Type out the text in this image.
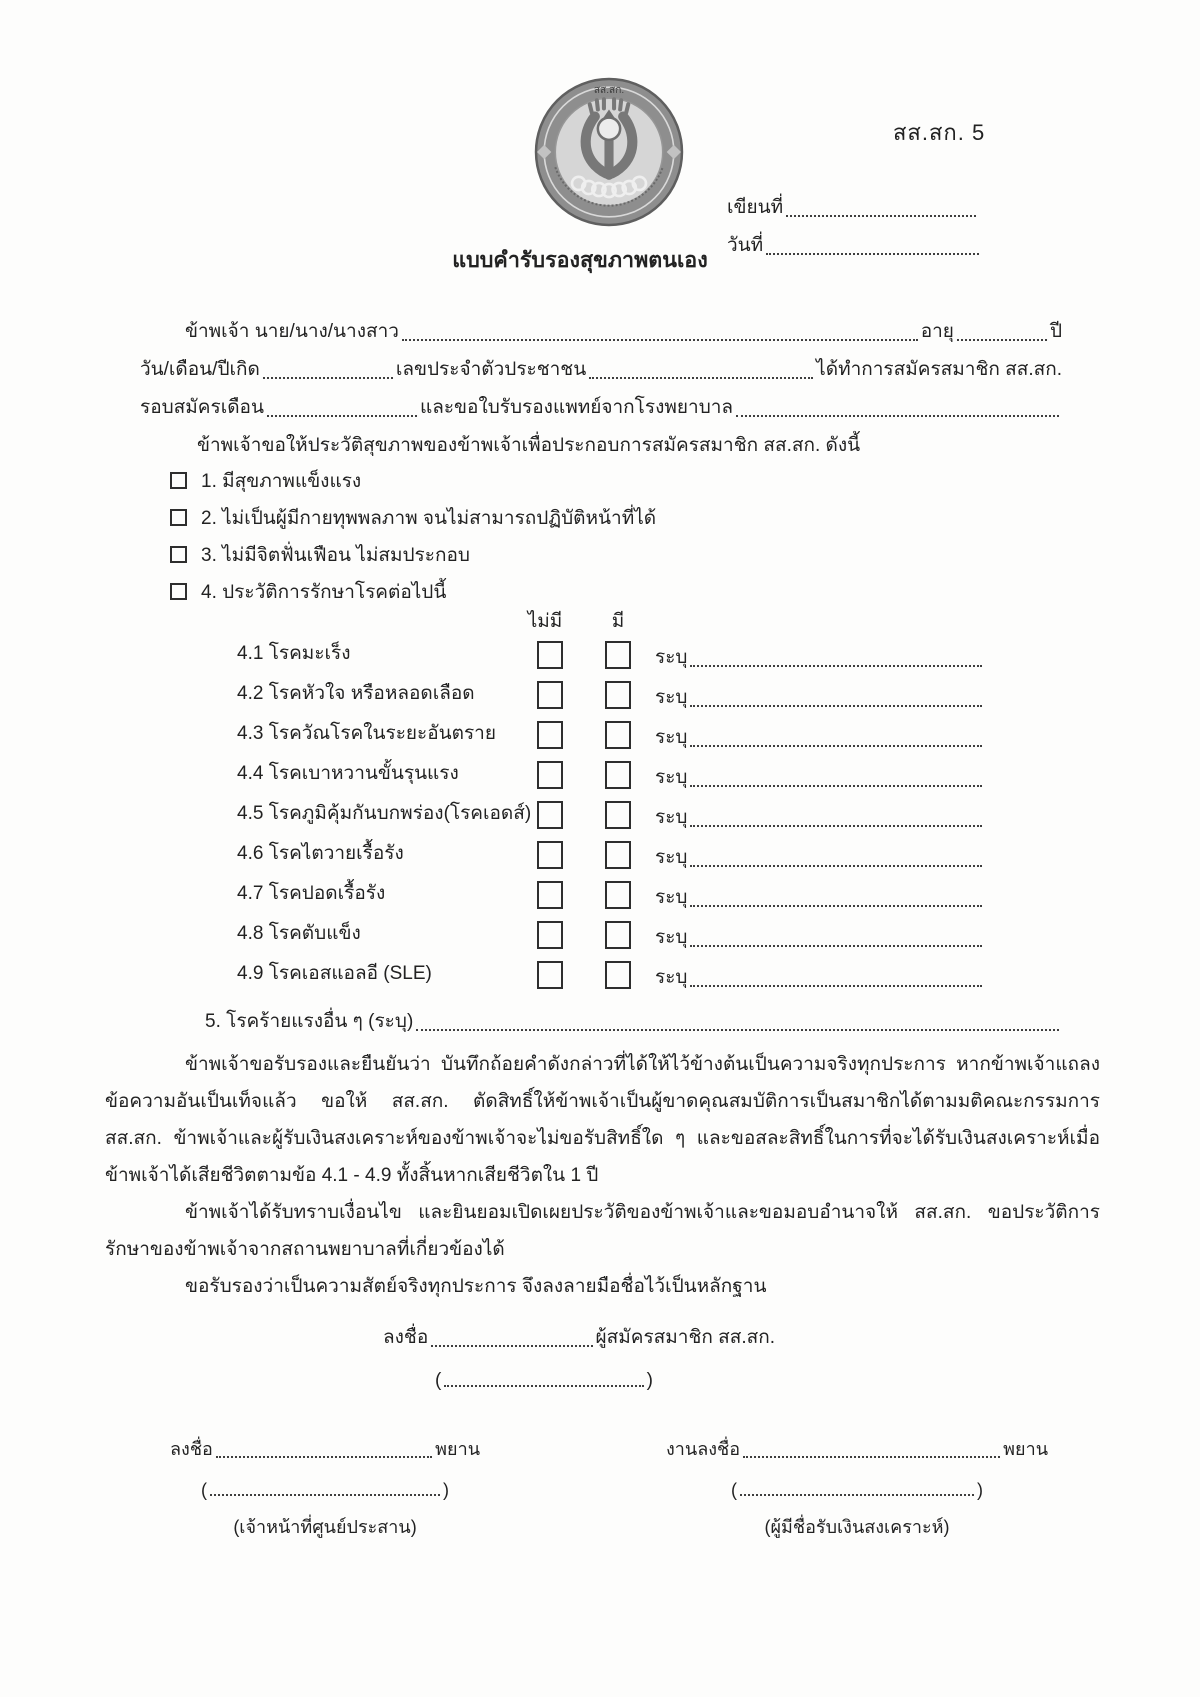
สส.สก.
สส.สก. 5
เขียนที่
วันที่
แบบคำรับรองสุขภาพตนเอง
ข้าพเจ้า นาย/นาง/นางสาว	อายุ	ปี
วัน/เดือน/ปีเกิด	เลขประจำตัวประชาชน	ได้ทำการสมัครสมาชิก สส.สก.
รอบสมัครเดือน	และขอใบรับรองแพทย์จากโรงพยาบาล
ข้าพเจ้าขอให้ประวัติสุขภาพของข้าพเจ้าเพื่อประกอบการสมัครสมาชิก สส.สก. ดังนี้
1. มีสุขภาพแข็งแรง
2. ไม่เป็นผู้มีกายทุพพลภาพ จนไม่สามารถปฏิบัติหน้าที่ได้
3. ไม่มีจิตฟั่นเฟือน ไม่สมประกอบ
4. ประวัติการรักษาโรคต่อไปนี้
ไม่มี	มี
4.1 โรคมะเร็ง	ระบุ
4.2 โรคหัวใจ หรือหลอดเลือด	ระบุ
4.3 โรควัณโรคในระยะอันตราย	ระบุ
4.4 โรคเบาหวานขั้นรุนแรง	ระบุ
4.5 โรคภูมิคุ้มกันบกพร่อง(โรคเอดส์)	ระบุ
4.6 โรคไตวายเรื้อรัง	ระบุ
4.7 โรคปอดเรื้อรัง	ระบุ
4.8 โรคตับแข็ง	ระบุ
4.9 โรคเอสแอลอี (SLE)	ระบุ
5. โรคร้ายแรงอื่น ๆ (ระบุ)

ข้าพเจ้าขอรับรองและยืนยันว่า บันทึกถ้อยคำดังกล่าวที่ได้ให้ไว้ข้างต้นเป็นความจริงทุกประการ หากข้าพเจ้าแถลงข้อความอันเป็นเท็จแล้ว ขอให้ สส.สก. ตัดสิทธิ์ให้ข้าพเจ้าเป็นผู้ขาดคุณสมบัติการเป็นสมาชิกได้ตามมติคณะกรรมการ สส.สก. ข้าพเจ้าและผู้รับเงินสงเคราะห์ของข้าพเจ้าจะไม่ขอรับสิทธิ์ใด ๆ และขอสละสิทธิ์ในการที่จะได้รับเงินสงเคราะห์เมื่อข้าพเจ้าได้เสียชีวิตตามข้อ 4.1 - 4.9 ทั้งสิ้นหากเสียชีวิตใน 1 ปี

ข้าพเจ้าได้รับทราบเงื่อนไข และยินยอมเปิดเผยประวัติของข้าพเจ้าและขอมอบอำนาจให้ สส.สก. ขอประวัติการรักษาของข้าพเจ้าจากสถานพยาบาลที่เกี่ยวข้องได้

ขอรับรองว่าเป็นความสัตย์จริงทุกประการ จึงลงลายมือชื่อไว้เป็นหลักฐาน

ลงชื่อ	ผู้สมัครสมาชิก สส.สก.
(	)
ลงชื่อ	พยาน
(	)
(เจ้าหน้าที่ศูนย์ประสาน)
งานลงชื่อ	พยาน
(	)
(ผู้มีชื่อรับเงินสงเคราะห์)
